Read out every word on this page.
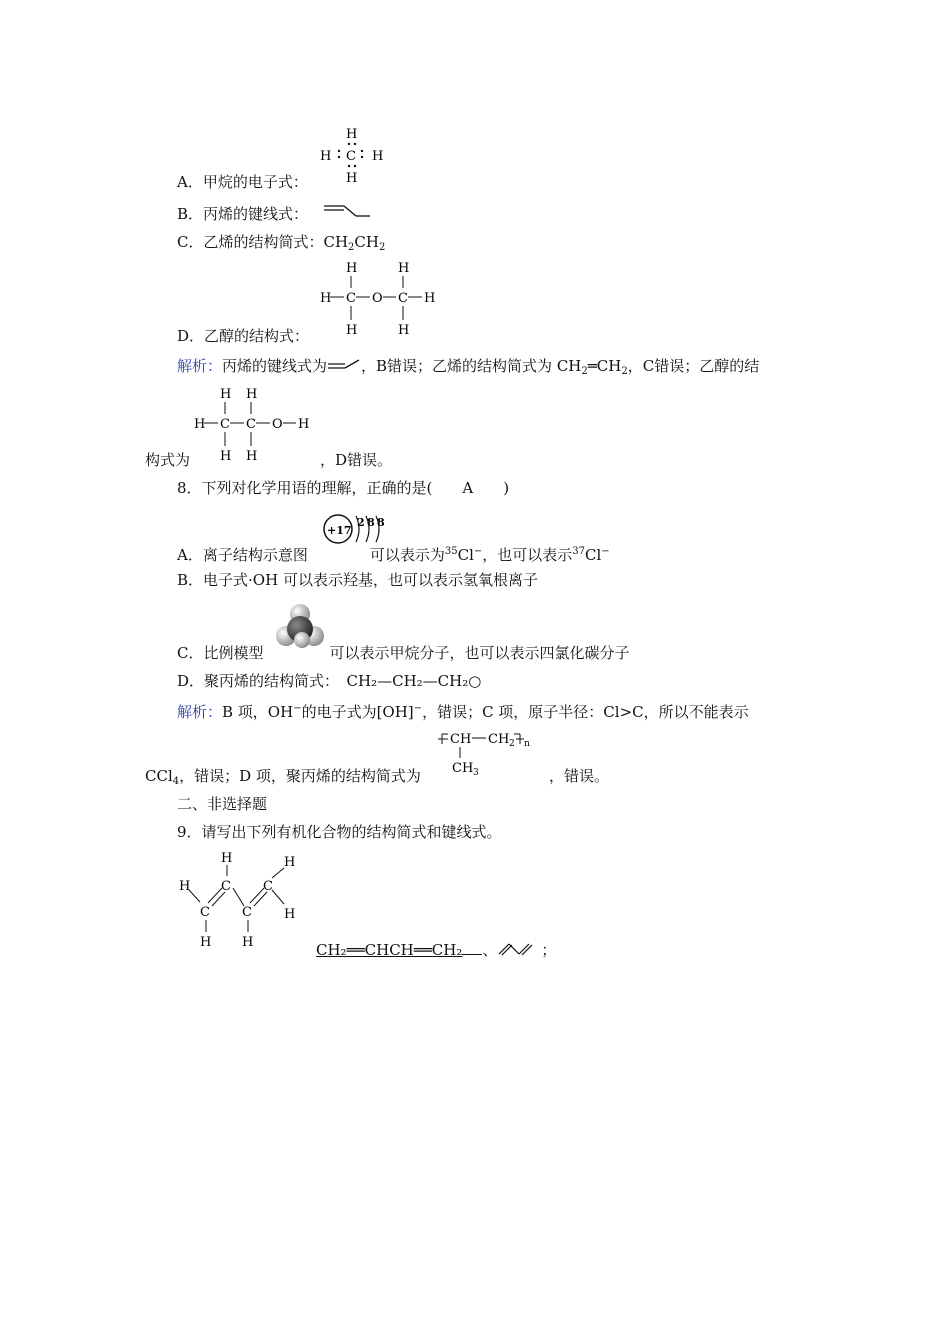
H
H C H
H
A．甲烷的电子式：
B．丙烯的键线式：
C．乙烯的结构简式：$CH_2CH_2$
H	H
H C O C H
H	H
D．乙醇的结构式：
解析：丙烯的键线式为 ，B错误；乙烯的结构简式为 $CH_2═CH_2$，C错误；乙醇的结
H H
H C C O H
H H
构式为	，D错误。
8．下列对化学用语的理解，正确的是(　　A　　)
+17
2 8 8
A．离子结构示意图	可以表示为$^{35}$Cl−，也可以表示$^{37}$Cl−
B．电子式·OH 可以表示羟基，也可以表示氢氧根离子
C．比例模型	可以表示甲烷分子，也可以表示四氯化碳分子
D．聚丙烯的结构简式：　CH₂—CH₂—CH₂○
解析：B 项，OH−的电子式为[OH]−，错误；C 项，原子半径：Cl>C，所以不能表示
CH CH 2 n
CH 3
CCl$_4$，错误；D 项，聚丙烯的结构简式为	，错误。
二、非选择题
9．请写出下列有机化合物的结构简式和键线式。
H
C
H
C
H
C C H
H H	CH₂══CHCH══CH₂ 、	；
